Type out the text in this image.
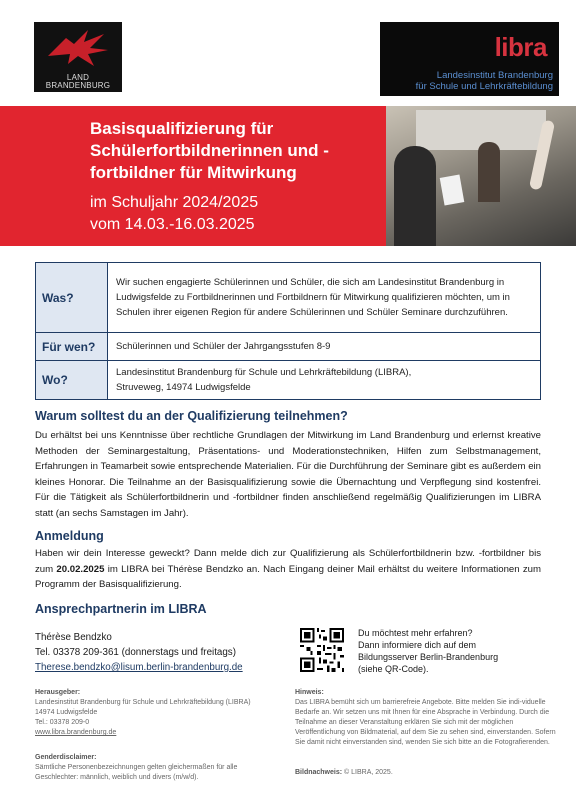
LAND
BRANDENBURG
libra
Landesinstitut Brandenburg
für Schule und Lehrkräftebildung
Basisqualifizierung für
Schülerfortbildnerinnen und -
fortbildner für Mitwirkung
im Schuljahr 2024/2025
vom 14.03.-16.03.2025
Was?	Wir suchen engagierte Schülerinnen und Schüler, die sich am Landesinstitut Brandenburg in Ludwigsfelde zu Fortbildnerinnen und Fortbildnern für Mitwirkung qualifizieren möchten, um in Schulen ihrer eigenen Region für andere Schülerinnen und Schüler Seminare durchzuführen.
Für wen?	Schülerinnen und Schüler der Jahrgangsstufen 8-9
Wo?	Landesinstitut Brandenburg für Schule und Lehrkräftebildung (LIBRA),
Struveweg, 14974 Ludwigsfelde
Warum solltest du an der Qualifizierung teilnehmen?
Du erhältst bei uns Kenntnisse über rechtliche Grundlagen der Mitwirkung im Land Brandenburg und erlernst kreative Methoden der Seminargestaltung, Präsentations- und Moderationstechniken, Hilfen zum Selbstmanagement, Erfahrungen in Teamarbeit sowie entsprechende Materialien. Für die Durchführung der Seminare gibt es außerdem ein kleines Honorar. Die Teilnahme an der Basisqualifizierung sowie die Übernachtung und Verpflegung sind kostenfrei. Für die Tätigkeit als Schülerfortbildnerin und -fortbildner finden anschließend regelmäßig Qualifizierungen im LIBRA statt (an sechs Samstagen im Jahr).
Anmeldung
Haben wir dein Interesse geweckt? Dann melde dich zur Qualifizierung als Schülerfortbildnerin bzw. -fortbildner bis zum 20.02.2025 im LIBRA bei Thérèse Bendzko an. Nach Eingang deiner Mail erhältst du weitere Informationen zum Programm der Basisqualifizierung.
Ansprechpartnerin im LIBRA
Thérèse Bendzko
Tel. 03378 209-361 (donnerstags und freitags)
Therese.bendzko@lisum.berlin-brandenburg.de
Du möchtest mehr erfahren?
Dann informiere dich auf dem
Bildungsserver Berlin-Brandenburg
(siehe QR-Code).
Herausgeber:
Landesinstitut Brandenburg für Schule und Lehrkräftebildung (LIBRA)
14974 Ludwigsfelde
Tel.: 03378 209-0
www.libra.brandenburg.de
Genderdisclaimer:
Sämtliche Personenbezeichnungen gelten gleichermaßen für alle
Geschlechter: männlich, weiblich und divers (m/w/d).
Hinweis:
Das LIBRA bemüht sich um barrierefreie Angebote. Bitte melden Sie indi-viduelle Bedarfe an. Wir setzen uns mit Ihnen für eine Absprache in Verbindung. Durch die Teilnahme an dieser Veranstaltung erklären Sie sich mit der möglichen Veröffentlichung von Bildmaterial, auf dem Sie zu sehen sind, einverstanden. Sofern Sie damit nicht einverstanden sind, wenden Sie sich bitte an die Fotografierenden.
Bildnachweis: © LIBRA, 2025.
